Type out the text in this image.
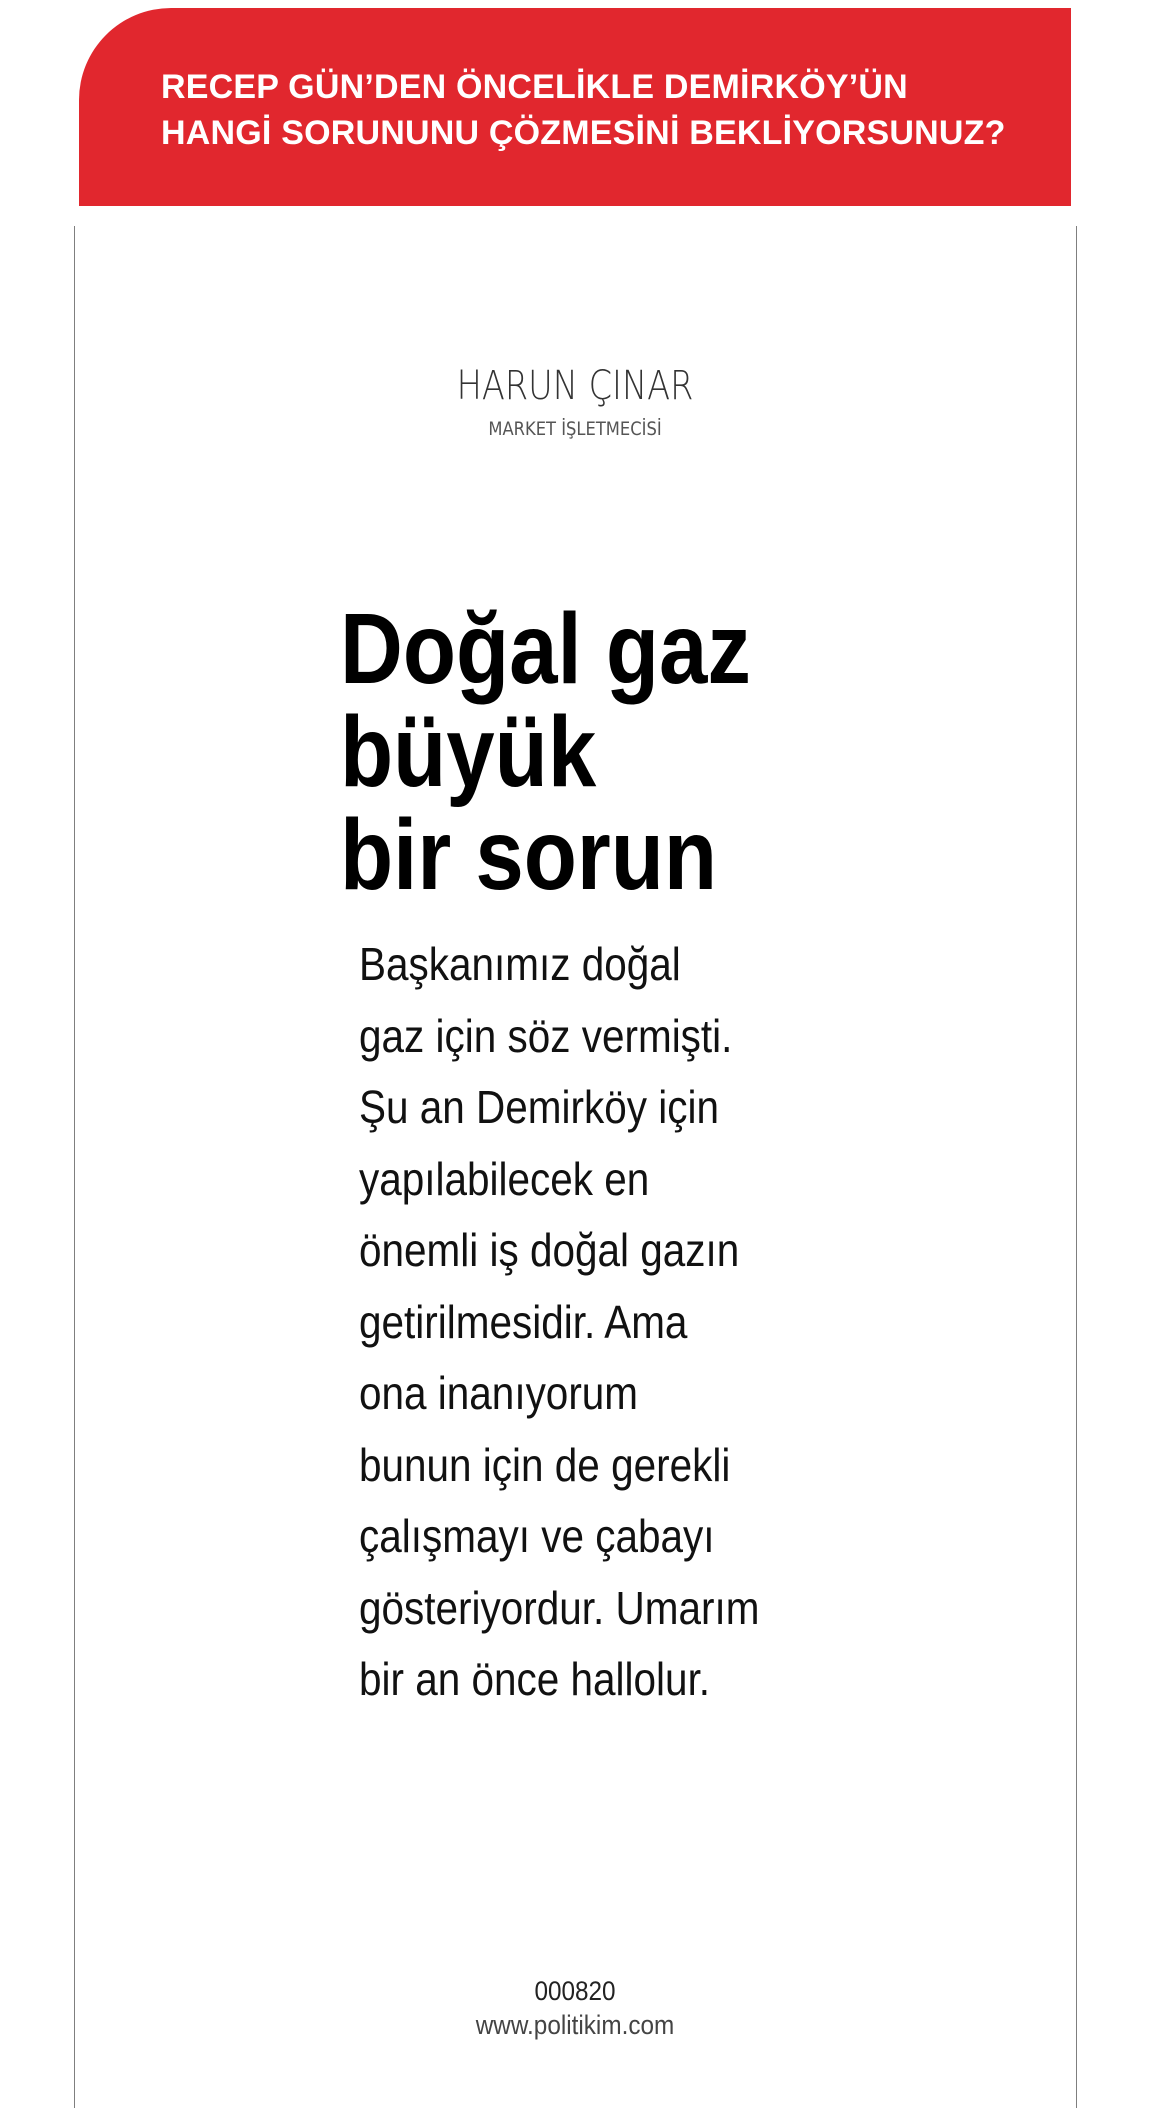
RECEP GÜN’DEN ÖNCELİKLE DEMİRKÖY’ÜN
HANGİ SORUNUNU ÇÖZMESİNİ BEKLİYORSUNUZ?
HARUN ÇINAR
MARKET İŞLETMECİSİ
Doğal gaz
büyük
bir sorun
Başkanımız doğal
gaz için söz vermişti.
Şu an Demirköy için
yapılabilecek en
önemli iş doğal gazın
getirilmesidir. Ama
ona inanıyorum
bunun için de gerekli
çalışmayı ve çabayı
gösteriyordur. Umarım
bir an önce hallolur.
000820
www.politikim.com
